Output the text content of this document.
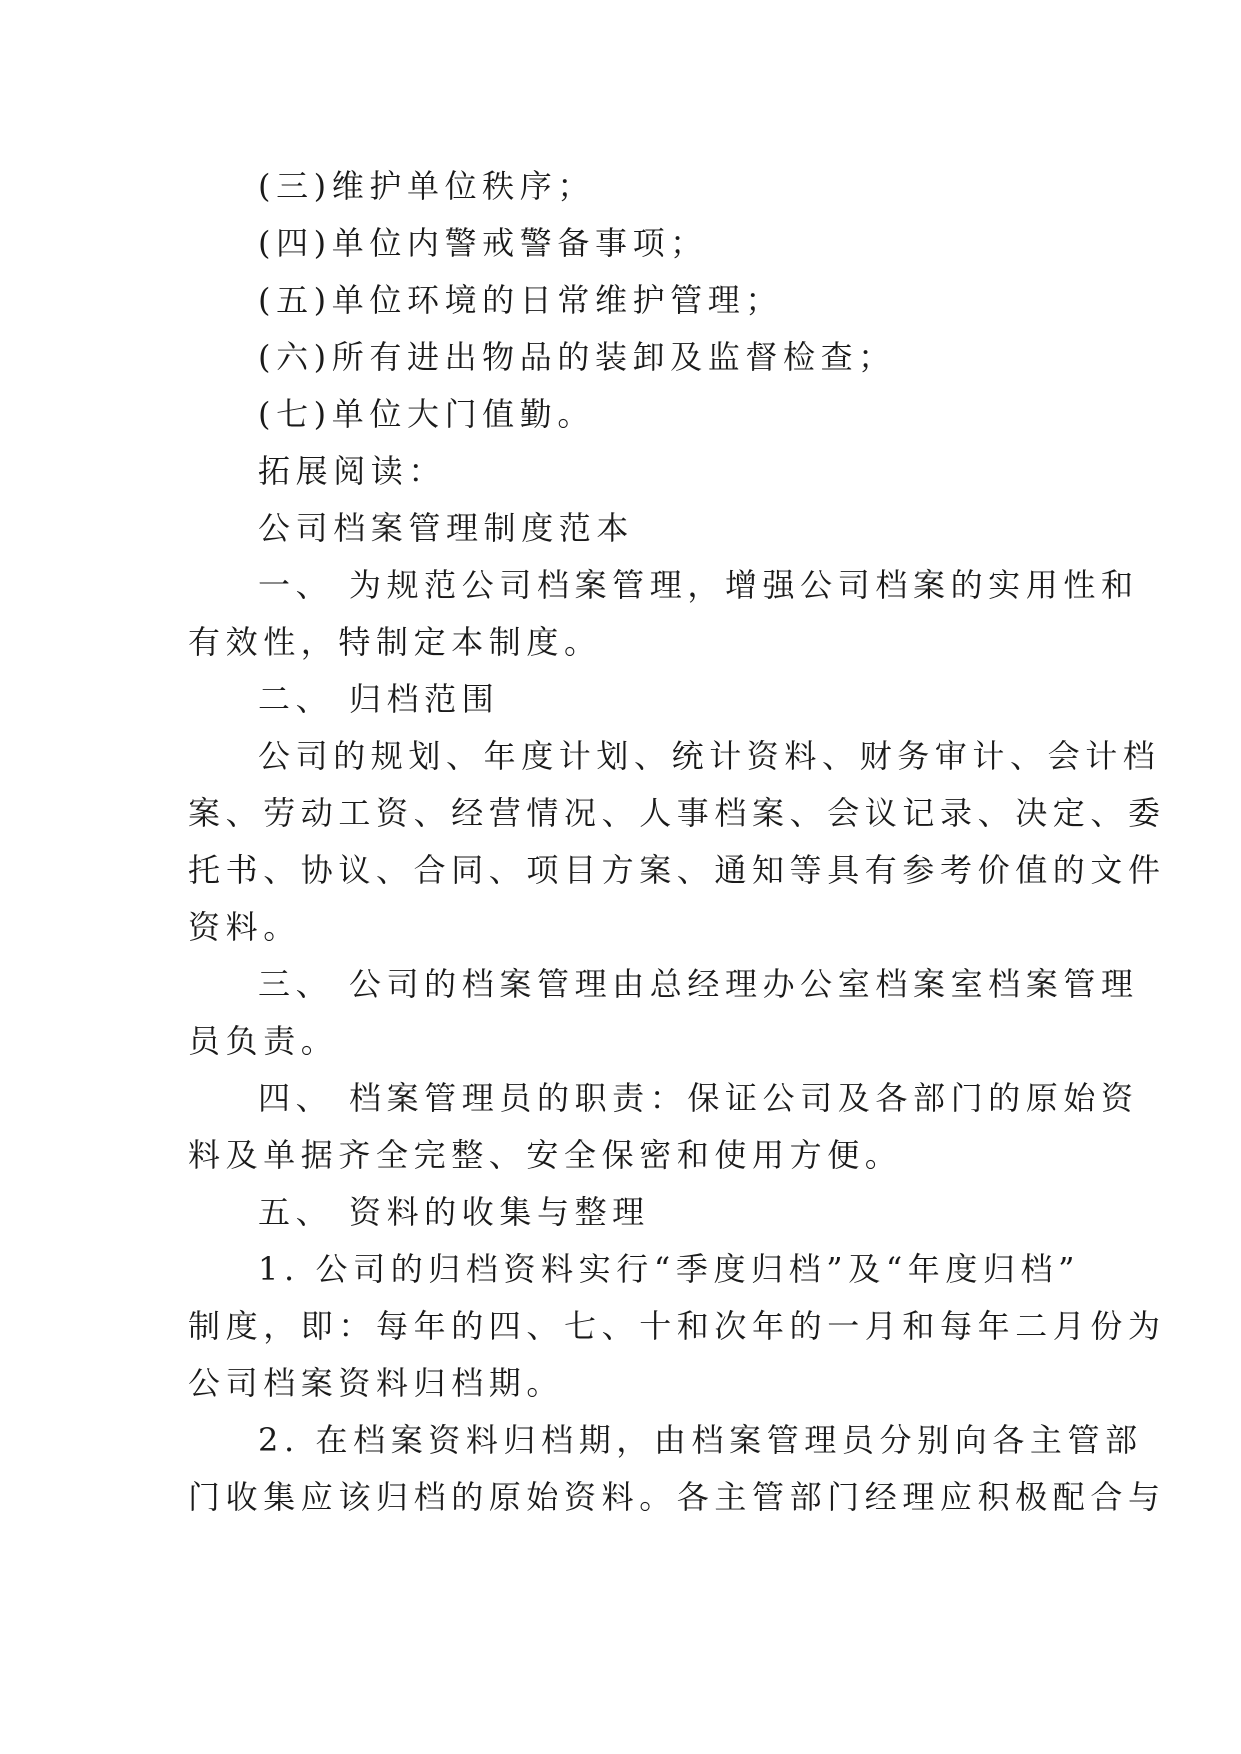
(三)维护单位秩序；
(四)单位内警戒警备事项；
(五)单位环境的日常维护管理；
(六)所有进出物品的装卸及监督检查；
(七)单位大门值勤。
拓展阅读：
公司档案管理制度范本
一、 为规范公司档案管理，增强公司档案的实用性和
有效性，特制定本制度。
二、 归档范围
公司的规划、年度计划、统计资料、财务审计、会计档
案、劳动工资、经营情况、人事档案、会议记录、决定、委
托书、协议、合同、项目方案、通知等具有参考价值的文件
资料。
三、 公司的档案管理由总经理办公室档案室档案管理
员负责。
四、 档案管理员的职责：保证公司及各部门的原始资
料及单据齐全完整、安全保密和使用方便。
五、 资料的收集与整理
1. 公司的归档资料实行“季度归档”及“年度归档”
制度，即：每年的四、七、十和次年的一月和每年二月份为
公司档案资料归档期。
2. 在档案资料归档期，由档案管理员分别向各主管部
门收集应该归档的原始资料。各主管部门经理应积极配合与
